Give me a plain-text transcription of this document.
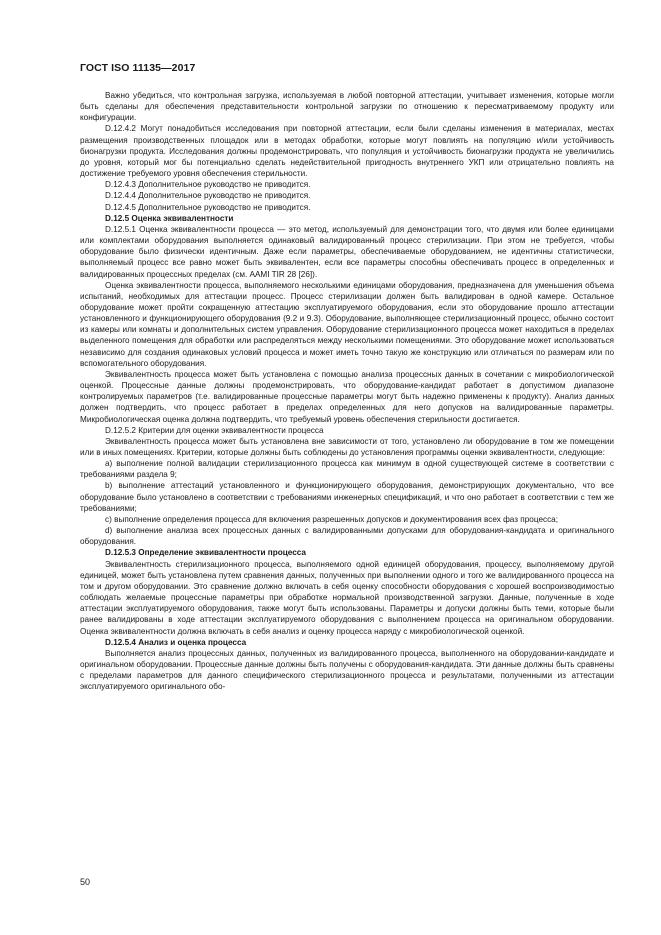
ГОСТ ISO 11135—2017

Важно убедиться, что контрольная загрузка, используемая в любой повторной аттестации, учитывает изменения, которые могли быть сделаны для обеспечения представительности контрольной загрузки по отношению к пересматриваемому продукту или конфигурации.

D.12.4.2 Могут понадобиться исследования при повторной аттестации, если были сделаны изменения в материалах, местах размещения производственных площадок или в методах обработки, которые могут повлиять на популяцию и/или устойчивость бионагрузки продукта. Исследования должны продемонстрировать, что популяция и устойчивость бионагрузки продукта не увеличились до уровня, который мог бы потенциально сделать недействительной пригодность внутреннего УКП или отрицательно повлиять на достижение требуемого уровня обеспечения стерильности.

D.12.4.3 Дополнительное руководство не приводится.

D.12.4.4 Дополнительное руководство не приводится.

D.12.4.5 Дополнительное руководство не приводится.

D.12.5 Оценка эквивалентности

D.12.5.1 Оценка эквивалентности процесса — это метод, используемый для демонстрации того, что двумя или более единицами или комплектами оборудования выполняется одинаковый валидированный процесс стерилизации. При этом не требуется, чтобы оборудование было физически идентичным. Даже если параметры, обеспечиваемые оборудованием, не идентичны статистически, выполняемый процесс все равно может быть эквивалентен, если все параметры способны обеспечивать процесс в определенных и валидированных процессных пределах (см. AAMI TIR 28 [26]).

Оценка эквивалентности процесса, выполняемого несколькими единицами оборудования, предназначена для уменьшения объема испытаний, необходимых для аттестации процесс. Процесс стерилизации должен быть валидирован в одной камере. Остальное оборудование может пройти сокращенную аттестацию эксплуатируемого оборудования, если это оборудование прошло аттестации установленного и функционирующего оборудования (9.2 и 9.3). Оборудование, выполняющее стерилизационный процесс, обычно состоит из камеры или комнаты и дополнительных систем управления. Оборудование стерилизационного процесса может находиться в пределах выделенного помещения для обработки или распределяться между несколькими помещениями. Это оборудование может использоваться независимо для создания одинаковых условий процесса и может иметь точно такую же конструкцию или отличаться по размерам или по вспомогательного оборудования.

Эквивалентность процесса может быть установлена с помощью анализа процессных данных в сочетании с микробиологической оценкой. Процессные данные должны продемонстрировать, что оборудование-кандидат работает в допустимом диапазоне контролируемых параметров (т.е. валидированные процессные параметры могут быть надежно применены к продукту). Анализ данных должен подтвердить, что процесс работает в пределах определенных для него допусков на валидированные параметры. Микробиологическая оценка должна подтвердить, что требуемый уровень обеспечения стерильности достигается.

D.12.5.2 Критерии для оценки эквивалентности процесса

Эквивалентность процесса может быть установлена вне зависимости от того, установлено ли оборудование в том же помещении или в иных помещениях. Критерии, которые должны быть соблюдены до установления программы оценки эквивалентности, следующие:

a) выполнение полной валидации стерилизационного процесса как минимум в одной существующей системе в соответствии с требованиями раздела 9;

b) выполнение аттестаций установленного и функционирующего оборудования, демонстрирующих документально, что все оборудование было установлено в соответствии с требованиями инженерных спецификаций, и что оно работает в соответствии с тем же требованиями;

c) выполнение определения процесса для включения разрешенных допусков и документирования всех фаз процесса;

d) выполнение анализа всех процессных данных с валидированными допусками для оборудования-кандидата и оригинального оборудования.

D.12.5.3 Определение эквивалентности процесса

Эквивалентность стерилизационного процесса, выполняемого одной единицей оборудования, процессу, выполняемому другой единицей, может быть установлена путем сравнения данных, полученных при выполнении одного и того же валидированного процесса на том и другом оборудовании. Это сравнение должно включать в себя оценку способности оборудования с хорошей воспроизводимостью соблюдать желаемые процессные параметры при обработке нормальной производственной загрузки. Данные, полученные в ходе аттестации эксплуатируемого оборудования, также могут быть использованы. Параметры и допуски должны быть теми, которые были ранее валидированы в ходе аттестации эксплуатируемого оборудования с выполнением процесса на оригинальном оборудовании. Оценка эквивалентности должна включать в себя анализ и оценку процесса наряду с микробиологической оценкой.

D.12.5.4 Анализ и оценка процесса

Выполняется анализ процессных данных, полученных из валидированного процесса, выполненного на оборудовании-кандидате и оригинальном оборудовании. Процессные данные должны быть получены с оборудования-кандидата. Эти данные должны быть сравнены с пределами параметров для данного специфического стерилизационного процесса и результатами, полученными из аттестации эксплуатируемого оригинального обо-

50
